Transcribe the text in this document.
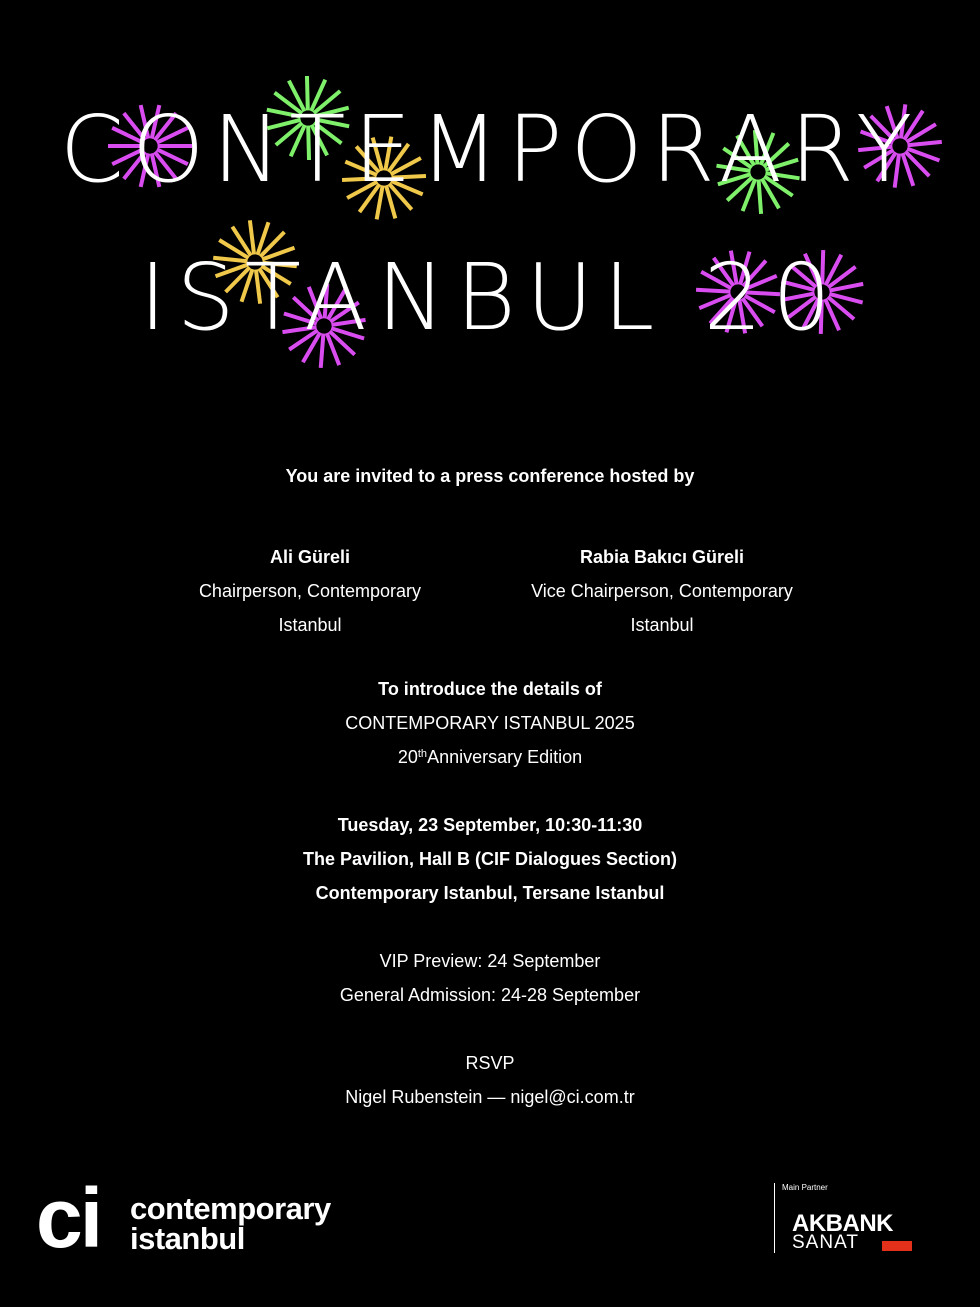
CONTEMPORARY
ISTANBUL 20
You are invited to a press conference hosted by
Ali Güreli
Chairperson, Contemporary
Istanbul
Rabia Bakıcı Güreli
Vice Chairperson, Contemporary
Istanbul
To introduce the details of
CONTEMPORARY ISTANBUL 2025
20thAnniversary Edition
Tuesday, 23 September, 10:30-11:30
The Pavilion, Hall B (CIF Dialogues Section)
Contemporary Istanbul, Tersane Istanbul
VIP Preview: 24 September
General Admission: 24-28 September
RSVP
Nigel Rubenstein — nigel@ci.com.tr
ci contemporary
istanbul
Main Partner
AKBANK
SANAT
